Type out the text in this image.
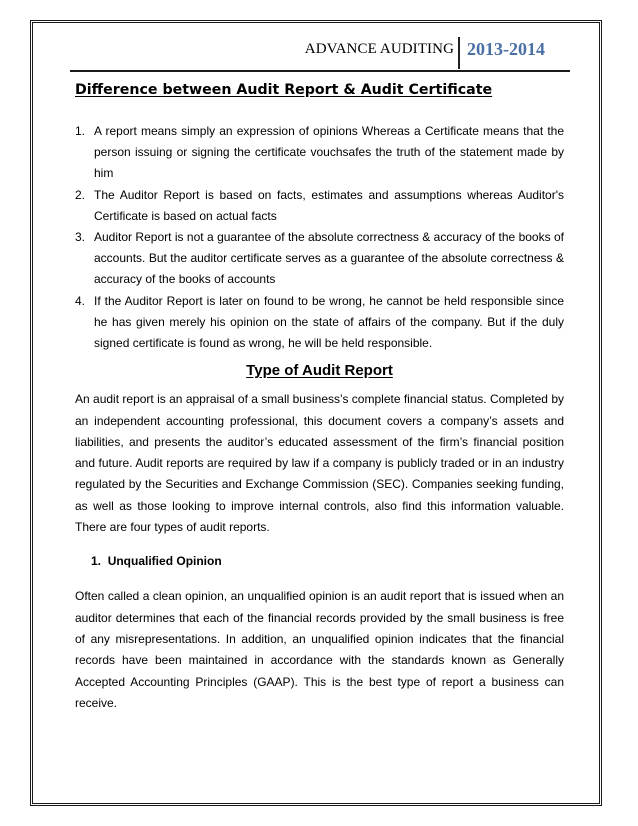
ADVANCE AUDITING 2013-2014
Difference between Audit Report & Audit Certificate
1. A report means simply an expression of opinions Whereas a Certificate means that the person issuing or signing the certificate vouchsafes the truth of the statement made by him
2. The Auditor Report is based on facts, estimates and assumptions whereas Auditor's Certificate is based on actual facts
3. Auditor Report is not a guarantee of the absolute correctness & accuracy of the books of accounts. But the auditor certificate serves as a guarantee of the absolute correctness & accuracy of the books of accounts
4. If the Auditor Report is later on found to be wrong, he cannot be held responsible since he has given merely his opinion on the state of affairs of the company. But if the duly signed certificate is found as wrong, he will be held responsible.
Type of Audit Report

An audit report is an appraisal of a small business’s complete financial status. Completed by an independent accounting professional, this document covers a company’s assets and liabilities, and presents the auditor’s educated assessment of the firm’s financial position and future. Audit reports are required by law if a company is publicly traded or in an industry regulated by the Securities and Exchange Commission (SEC). Companies seeking funding, as well as those looking to improve internal controls, also find this information valuable. There are four types of audit reports.

1. Unqualified Opinion

Often called a clean opinion, an unqualified opinion is an audit report that is issued when an auditor determines that each of the financial records provided by the small business is free of any misrepresentations. In addition, an unqualified opinion indicates that the financial records have been maintained in accordance with the standards known as Generally Accepted Accounting Principles (GAAP). This is the best type of report a business can receive.
